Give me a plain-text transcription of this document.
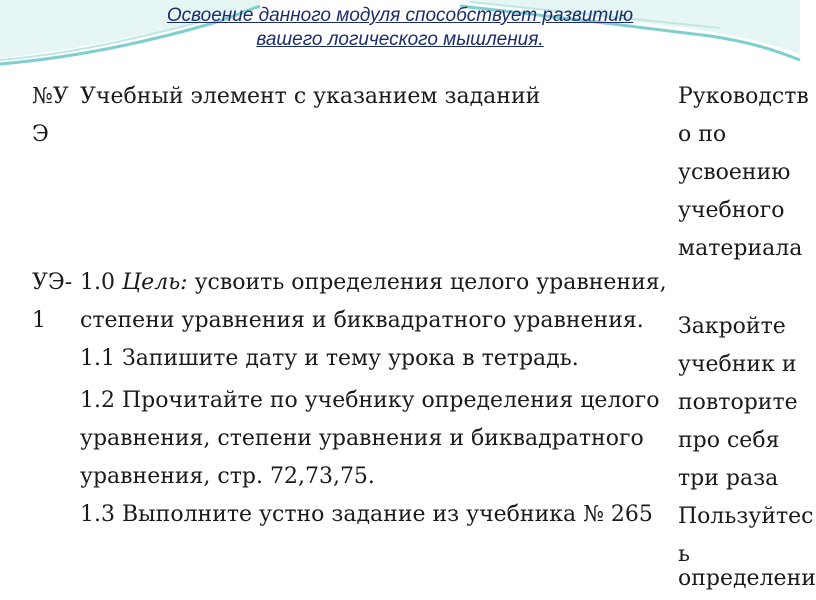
Освоение данного модуля способствует развитию
вашего логического мышления.
№У
Э
Учебный элемент с указанием заданий	Руководств
о по
усвоению
учебного
материала
УЭ-
1
1.0 Цель: усвоить определения целого уравнения,
степени уравнения и биквадратного уравнения.
1.1 Запишите дату и тему урока в тетрадь.
1.2 Прочитайте по учебнику определения целого
уравнения, степени уравнения и биквадратного
уравнения, стр. 72,73,75.
1.3 Выполните устно задание из учебника № 265
Закройте
учебник и
повторите
про себя
три раза
Пользуйтес
ь
определени
